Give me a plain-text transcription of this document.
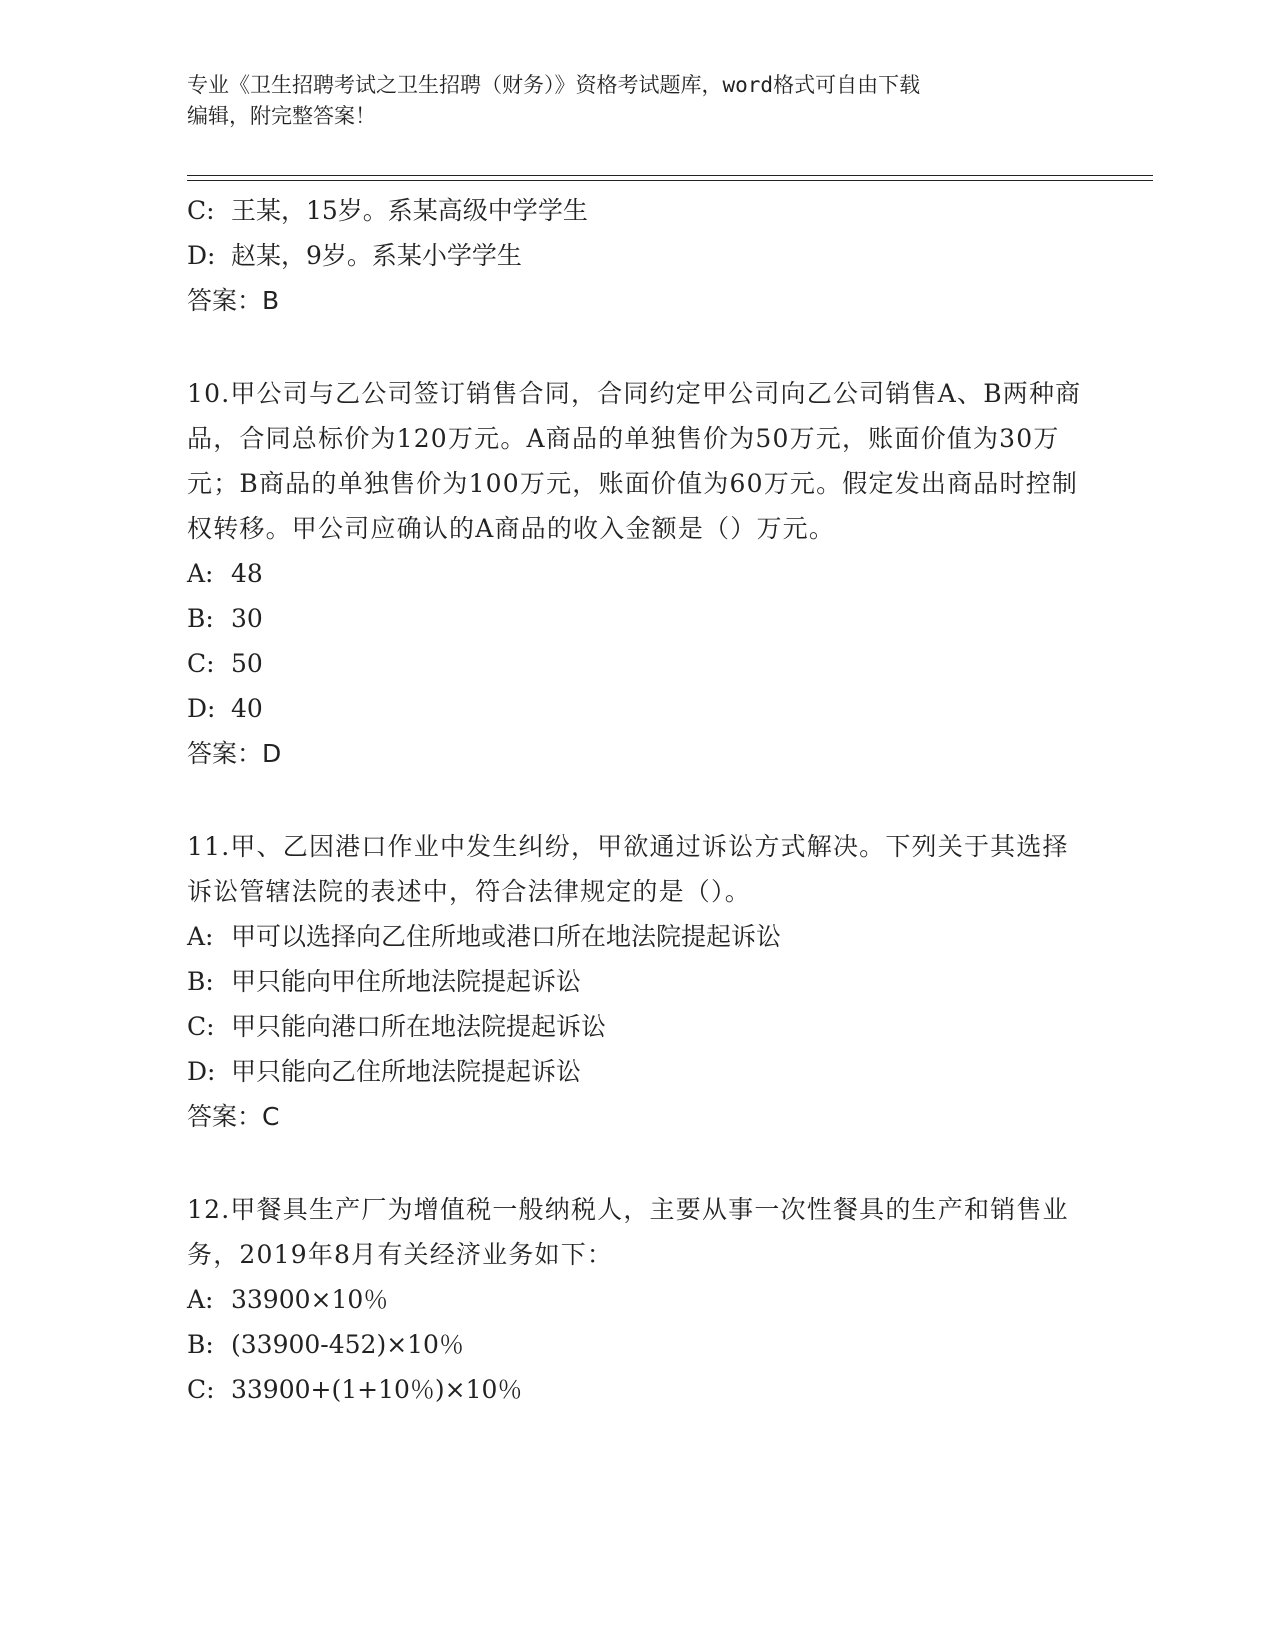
专业《卫生招聘考试之卫生招聘（财务）》资格考试题库，word格式可自由下载
编辑，附完整答案！
C: 王某，15岁。系某高级中学学生
D: 赵某，9岁。系某小学学生
答案：B
10.甲公司与乙公司签订销售合同，合同约定甲公司向乙公司销售A、B两种商品，合同总标价为120万元。A商品的单独售价为50万元，账面价值为30万元；B商品的单独售价为100万元，账面价值为60万元。假定发出商品时控制权转移。甲公司应确认的A商品的收入金额是（）万元。
A: 48
B: 30
C: 50
D: 40
答案：D
11.甲、乙因港口作业中发生纠纷，甲欲通过诉讼方式解决。下列关于其选择诉讼管辖法院的表述中，符合法律规定的是（）。
A: 甲可以选择向乙住所地或港口所在地法院提起诉讼
B: 甲只能向甲住所地法院提起诉讼
C: 甲只能向港口所在地法院提起诉讼
D: 甲只能向乙住所地法院提起诉讼
答案：C
12.甲餐具生产厂为增值税一般纳税人，主要从事一次性餐具的生产和销售业务，2019年8月有关经济业务如下：
A: 33900×10％
B: (33900-452)×10％
C: 33900+(1+10％)×10％
